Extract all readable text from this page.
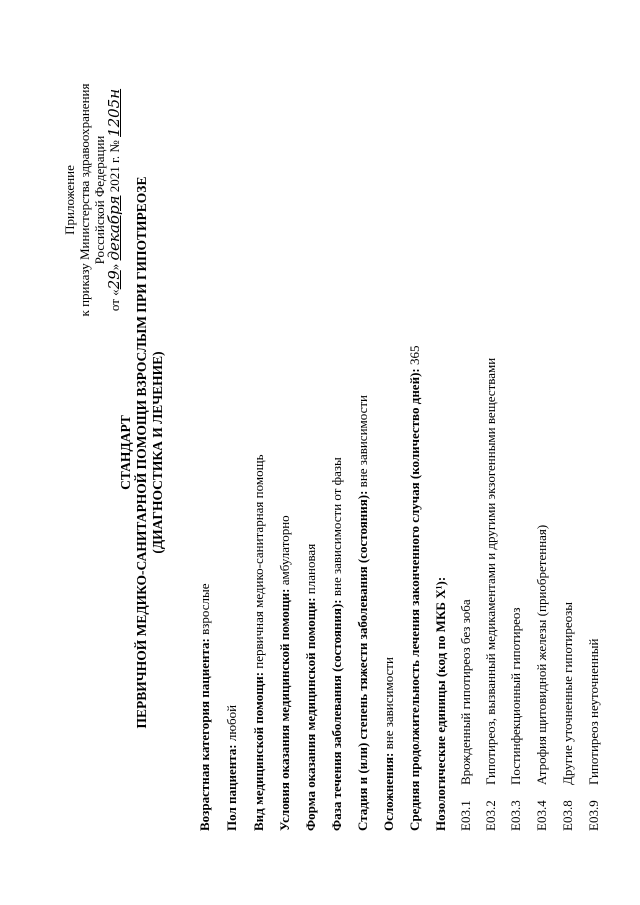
Приложение к приказу Министерства здравоохранения Российской Федерации
от «29» декабря 2021 г. № 1205н
СТАНДАРТ ПЕРВИЧНОЙ МЕДИКО-САНИТАРНОЙ ПОМОЩИ ВЗРОСЛЫМ ПРИ ГИПОТИРЕОЗЕ (ДИАГНОСТИКА И ЛЕЧЕНИЕ)
Возрастная категория пациента: взрослые
Пол пациента: любой Вид медицинской помощи: первичная медико-санитарная помощь
Условия оказания медицинской помощи: амбулаторно
Форма оказания медицинской помощи: плановая
Фаза течения заболевания (состояния): вне зависимости от фазы Стадия и (или) степень тяжести заболевания (состояния): вне зависимости
Осложнения: вне зависимости Средняя продолжительность лечения законченного случая (количество дней): 365
Нозологические единицы (код по МКБ X¹): E03.1Врожденный гипотиреоз без зоба
E03.2Гипотиреоз, вызванный медикаментами и другими экзогенными веществами
E03.3Постинфекционный гипотиреоз
E03.4Атрофия щитовидной железы (приобретенная)
E03.8Другие уточненные гипотиреозы
E03.9Гипотиреоз неуточненный
